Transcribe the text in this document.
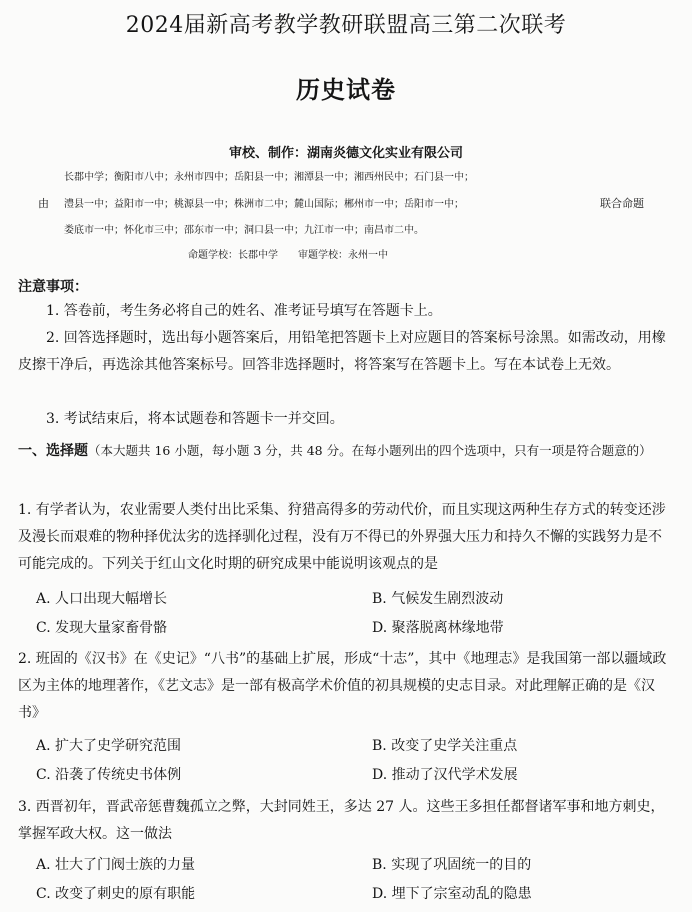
2024届新高考教学教研联盟高三第二次联考
历史试卷
审校、制作：湖南炎德文化实业有限公司
长郡中学；衡阳市八中；永州市四中；岳阳县一中；湘潭县一中；湘西州民中；石门县一中；
由 澧县一中；益阳市一中；桃源县一中；株洲市二中；麓山国际；郴州市一中；岳阳市一中；	联合命题
娄底市一中；怀化市三中；邵东市一中；洞口县一中；九江市一中；南昌市二中。
命题学校：长郡中学　　审题学校：永州一中
注意事项：
1. 答卷前，考生务必将自己的姓名、准考证号填写在答题卡上。
2. 回答选择题时，选出每小题答案后，用铅笔把答题卡上对应题目的答案标号涂黑。如需改动，用橡皮擦干净后，再选涂其他答案标号。回答非选择题时，将答案写在答题卡上。写在本试卷上无效。
3. 考试结束后，将本试题卷和答题卡一并交回。
一、选择题（本大题共 16 小题，每小题 3 分，共 48 分。在每小题列出的四个选项中，只有一项是符合题意的）
1. 有学者认为，农业需要人类付出比采集、狩猎高得多的劳动代价，而且实现这两种生存方式的转变还涉及漫长而艰难的物种择优汰劣的选择驯化过程，没有万不得已的外界强大压力和持久不懈的实践努力是不可能完成的。下列关于红山文化时期的研究成果中能说明该观点的是
A. 人口出现大幅增长	B. 气候发生剧烈波动
C. 发现大量家畜骨骼	D. 聚落脱离林缘地带
2. 班固的《汉书》在《史记》“八书”的基础上扩展，形成“十志”，其中《地理志》是我国第一部以疆域政区为主体的地理著作，《艺文志》是一部有极高学术价值的初具规模的史志目录。对此理解正确的是《汉书》
A. 扩大了史学研究范围	B. 改变了史学关注重点
C. 沿袭了传统史书体例	D. 推动了汉代学术发展
3. 西晋初年，晋武帝惩曹魏孤立之弊，大封同姓王，多达 27 人。这些王多担任都督诸军事和地方刺史，掌握军政大权。这一做法
A. 壮大了门阀士族的力量	B. 实现了巩固统一的目的
C. 改变了刺史的原有职能	D. 埋下了宗室动乱的隐患
